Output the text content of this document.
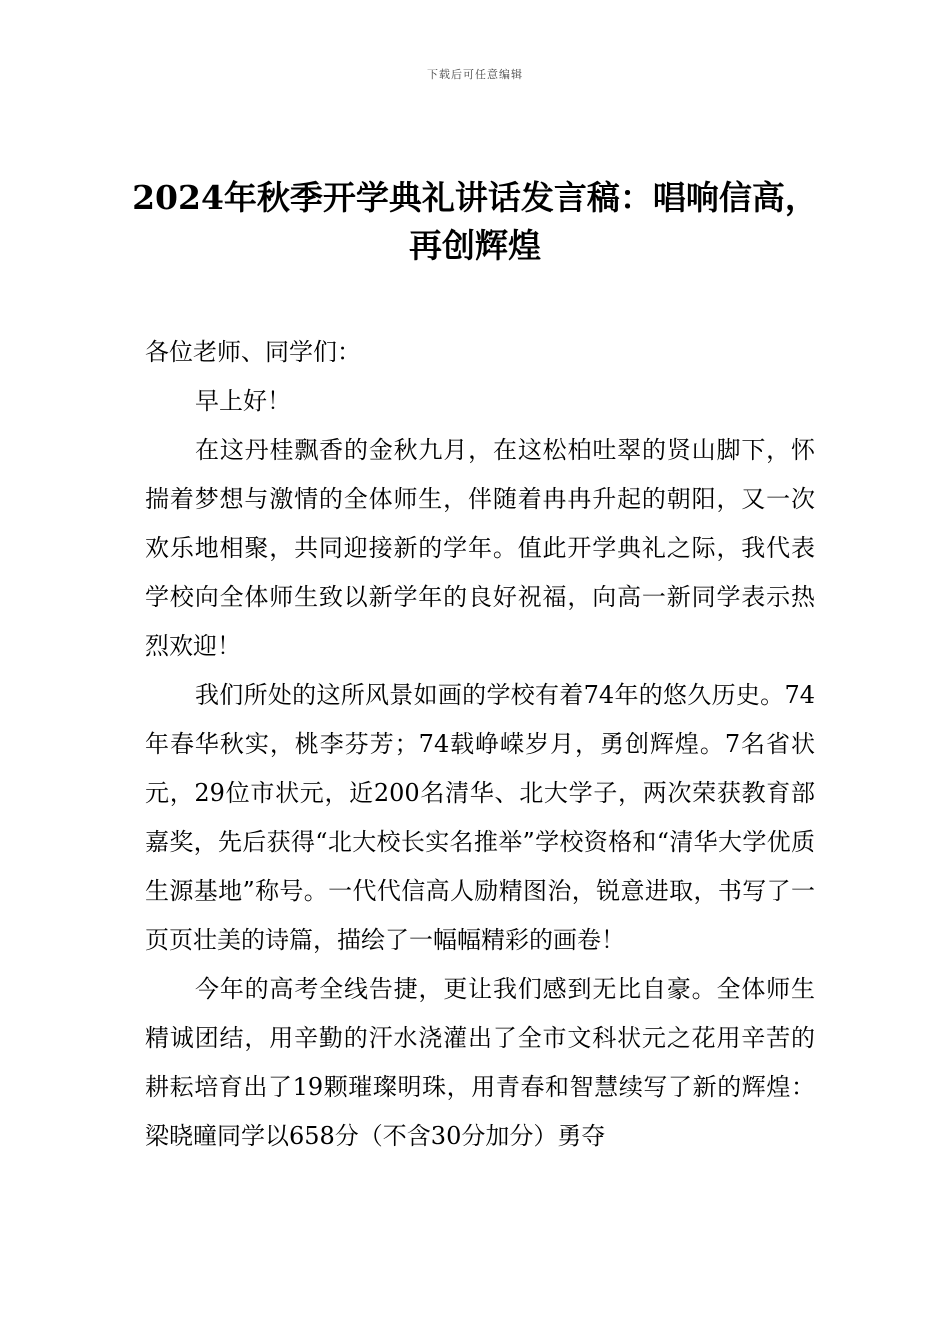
下载后可任意编辑
2024年秋季开学典礼讲话发言稿：唱响信高，再创辉煌

各位老师、同学们：

早上好！

在这丹桂飘香的金秋九月，在这松柏吐翠的贤山脚下，怀揣着梦想与激情的全体师生，伴随着冉冉升起的朝阳，又一次欢乐地相聚，共同迎接新的学年。值此开学典礼之际，我代表学校向全体师生致以新学年的良好祝福，向高一新同学表示热烈欢迎！

我们所处的这所风景如画的学校有着74年的悠久历史。74年春华秋实，桃李芬芳；74载峥嵘岁月，勇创辉煌。7名省状元，29位市状元，近200名清华、北大学子，两次荣获教育部嘉奖，先后获得“北大校长实名推举”学校资格和“清华大学优质生源基地”称号。一代代信高人励精图治，锐意进取，书写了一页页壮美的诗篇，描绘了一幅幅精彩的画卷！

今年的高考全线告捷，更让我们感到无比自豪。全体师生精诚团结，用辛勤的汗水浇灌出了全市文科状元之花用辛苦的耕耘培育出了19颗璀璨明珠，用青春和智慧续写了新的辉煌：梁晓曈同学以658分（不含30分加分）勇夺
